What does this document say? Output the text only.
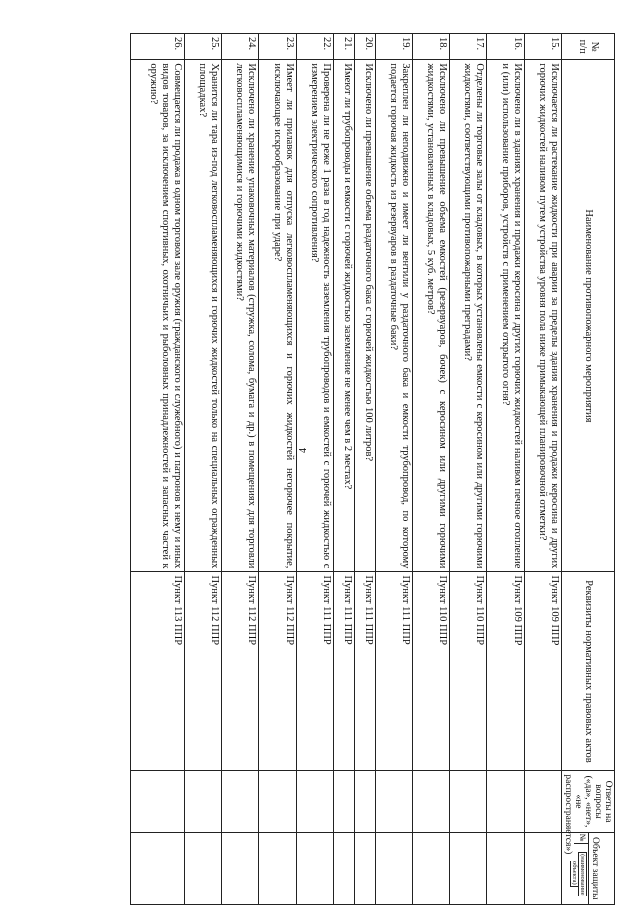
4
№ п/п	Наименование противопожарного мероприятия	Реквизиты нормативных правовых актов	Ответы на вопросы («да», «нет», «не распространяется»)	Объект защиты
№
(наименование объекта)

15.	Исключается ли растекание жидкости при аварии за пределы здания хранения и продажи керосина и других горючих жидкостей наливом путем устройства уровня пола ниже примыкающей планировочной отметки?	Пункт 109 ППР		
16.	Исключено ли в зданиях хранения и продажи керосина и других горючих жидкостей наливом печное отопление и (или) использование приборов, устройств с применением открытого огня?	Пункт 109 ППР		
17.	Отделены ли торговые залы от кладовых, в которых установлены емкости с керосином или другими горючими жидкостями, соответствующими противопожарными преградами?	Пункт 110 ППР		
18.	Исключено ли превышение объема емкостей (резервуаров, бочек) с керосином или другими горючими жидкостями, установленных в кладовых, 5 куб. метров?	Пункт 110 ППР		
19.	Закреплен ли неподвижно и имеет ли вентили у раздаточного бака и емкости трубопровод, по которому подается горючая жидкость из резервуаров в раздаточные баки?	Пункт 111 ППР		
20.	Исключено ли превышение объема раздаточного бака с горючей жидкостью 100 литров?	Пункт 111 ППР		
21.	Имеют ли трубопроводы и емкости с горючей жидкостью заземление не менее чем в 2 местах?	Пункт 111 ППР		
22.	Проверена ли не реже 1 раза в год надежность заземления трубопроводов и емкостей с горючей жидкостью с измерением электрического сопротивления?	Пункт 111 ППР		
23.	Имеет ли прилавок для отпуска легковоспламеняющихся и горючих жидкостей негорючее покрытие, исключающее искрообразование при ударе?	Пункт 112 ППР		
24.	Исключено ли хранение упаковочных материалов (стружка, солома, бумага и др.) в помещениях для торговли легковоспламеняющимися и горючими жидкостями?	Пункт 112 ППР		
25.	Хранится ли тара из-под легковоспламеняющихся и горючих жидкостей только на специальных огражденных площадках?	Пункт 112 ППР		
26.	Совмещается ли продажа в одном торговом зале оружия (гражданского и служебного) и патронов к нему и иных видов товаров, за исключением спортивных, охотничьих и рыболовных принадлежностей и запасных частей к оружию?	Пункт 113 ППР		
